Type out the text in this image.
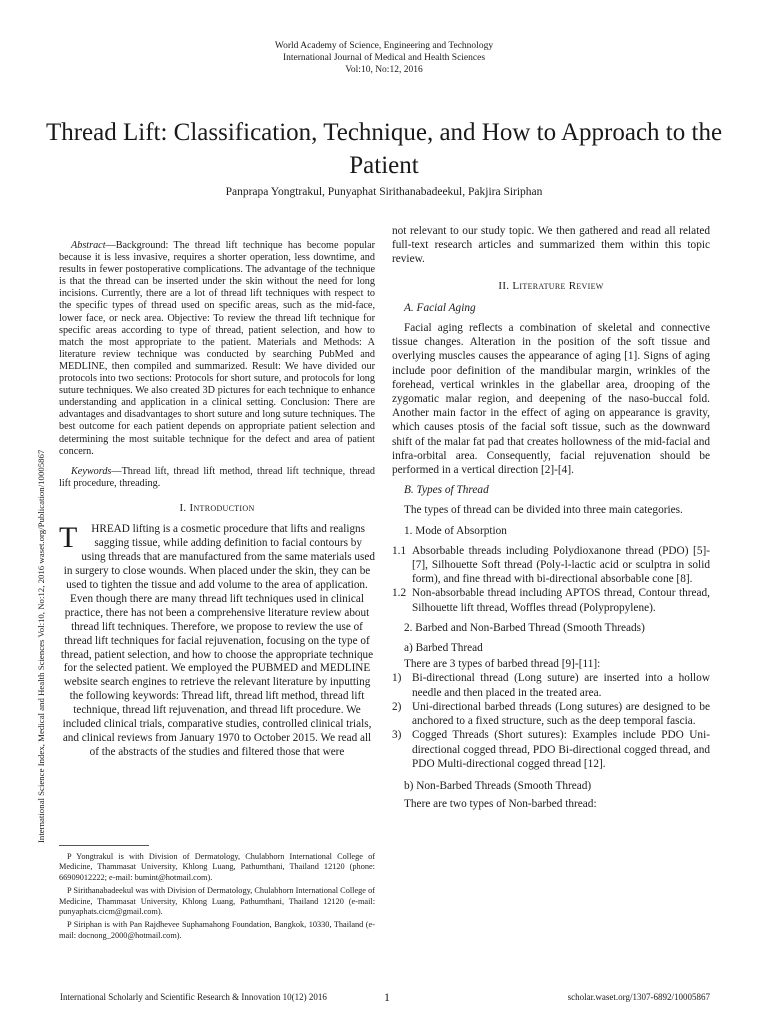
World Academy of Science, Engineering and Technology
International Journal of Medical and Health Sciences
Vol:10, No:12, 2016
Thread Lift: Classification, Technique, and How to Approach to the Patient
Panprapa Yongtrakul, Punyaphat Sirithanabadeekul, Pakjira Siriphan
International Science Index, Medical and Health Sciences Vol:10, No:12, 2016 waset.org/Publication/10005867

Abstract—Background: The thread lift technique has become popular because it is less invasive, requires a shorter operation, less downtime, and results in fewer postoperative complications. The advantage of the technique is that the thread can be inserted under the skin without the need for long incisions. Currently, there are a lot of thread lift techniques with respect to the specific types of thread used on specific areas, such as the mid-face, lower face, or neck area. Objective: To review the thread lift technique for specific areas according to type of thread, patient selection, and how to match the most appropriate to the patient. Materials and Methods: A literature review technique was conducted by searching PubMed and MEDLINE, then compiled and summarized. Result: We have divided our protocols into two sections: Protocols for short suture, and protocols for long suture techniques. We also created 3D pictures for each technique to enhance understanding and application in a clinical setting. Conclusion: There are advantages and disadvantages to short suture and long suture techniques. The best outcome for each patient depends on appropriate patient selection and determining the most suitable technique for the defect and area of patient concern.

Keywords—Thread lift, thread lift method, thread lift technique, thread lift procedure, threading.

I. Introduction

T HREAD lifting is a cosmetic procedure that lifts and realigns sagging tissue, while adding definition to facial contours by using threads that are manufactured from the same materials used in surgery to close wounds. When placed under the skin, they can be used to tighten the tissue and add volume to the area of application. Even though there are many thread lift techniques used in clinical practice, there has not been a comprehensive literature review about thread lift techniques. Therefore, we propose to review the use of thread lift techniques for facial rejuvenation, focusing on the type of thread, patient selection, and how to choose the appropriate technique for the selected patient. We employed the PUBMED and MEDLINE website search engines to retrieve the relevant literature by inputting the following keywords: Thread lift, thread lift method, thread lift technique, thread lift rejuvenation, and thread lift procedure. We included clinical trials, comparative studies, controlled clinical trials, and clinical reviews from January 1970 to October 2015. We read all of the abstracts of the studies and filtered those that were

P Yongtrakul is with Division of Dermatology, Chulabhorn International College of Medicine, Thammasat University, Khlong Luang, Pathumthani, Thailand 12120 (phone: 66909012222; e-mail: bumint@hotmail.com).

P Sirithanabadeekul was with Division of Dermatology, Chulabhorn International College of Medicine, Thammasat University, Khlong Luang, Pathumthani, Thailand 12120 (e-mail: punyaphats.cicm@gmail.com).

P Siriphan is with Pan Rajdhevee Suphamahong Foundation, Bangkok, 10330, Thailand (e-mail: docnong_2000@hotmail.com).

not relevant to our study topic. We then gathered and read all related full-text research articles and summarized them within this topic review.

II. Literature Review
A. Facial Aging

Facial aging reflects a combination of skeletal and connective tissue changes. Alteration in the position of the soft tissue and overlying muscles causes the appearance of aging [1]. Signs of aging include poor definition of the mandibular margin, wrinkles of the forehead, vertical wrinkles in the glabellar area, drooping of the zygomatic malar region, and deepening of the naso-buccal fold. Another main factor in the effect of aging on appearance is gravity, which causes ptosis of the facial soft tissue, such as the downward shift of the malar fat pad that creates hollowness of the mid-facial and infra-orbital area. Consequently, facial rejuvenation should be performed in a vertical direction [2]-[4].

B. Types of Thread

The types of thread can be divided into three main categories.

1. Mode of Absorption
1.1 Absorbable threads including Polydioxanone thread (PDO) [5]-[7], Silhouette Soft thread (Poly-l-lactic acid or sculptra in solid form), and fine thread with bi-directional absorbable cone [8].
1.2 Non-absorbable thread including APTOS thread, Contour thread, Silhouette lift thread, Woffles thread (Polypropylene).
2. Barbed and Non-Barbed Thread (Smooth Threads)
a) Barbed Thread

There are 3 types of barbed thread [9]-[11]:

1) Bi-directional thread (Long suture) are inserted into a hollow needle and then placed in the treated area.
2) Uni-directional barbed threads (Long sutures) are designed to be anchored to a fixed structure, such as the deep temporal fascia.
3) Cogged Threads (Short sutures): Examples include PDO Uni-directional cogged thread, PDO Bi-directional cogged thread, and PDO Multi-directional cogged thread [12].
b) Non-Barbed Threads (Smooth Thread)

There are two types of Non-barbed thread:

International Scholarly and Scientific Research & Innovation 10(12) 2016	1	scholar.waset.org/1307-6892/10005867
